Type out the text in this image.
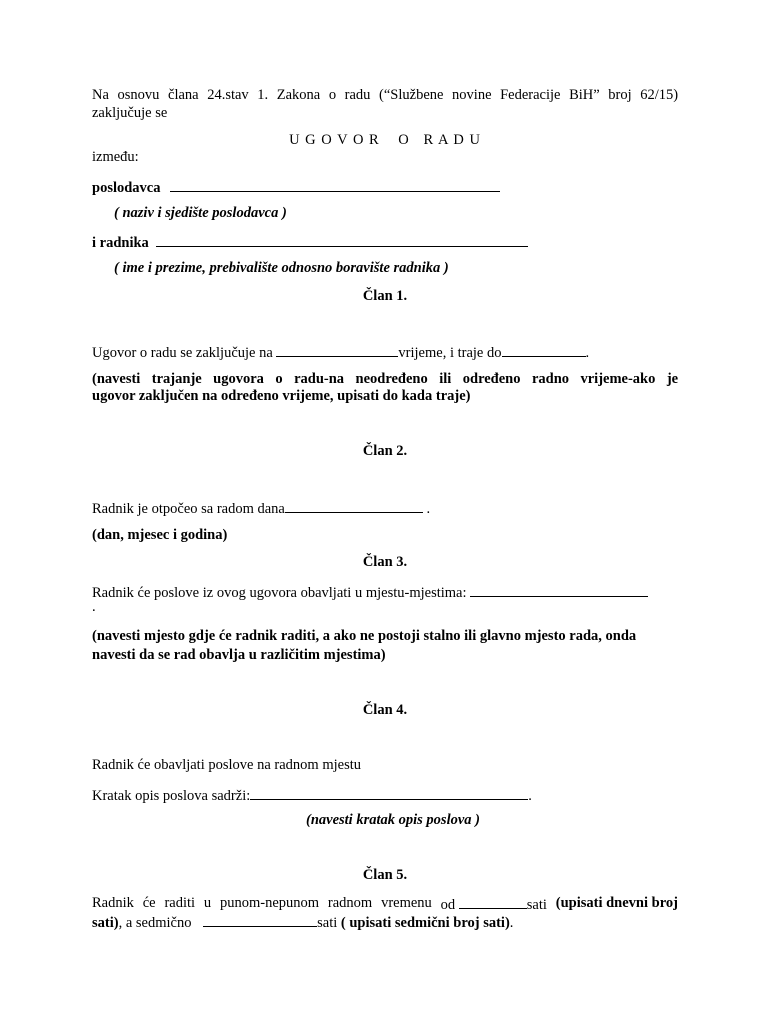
Na osnovu člana 24.stav 1. Zakona o radu (“Službene novine Federacije BiH” broj 62/15)
zaključuje se
U G O V O R    O   R A D U
između:
poslodavca
( naziv i sjedište poslodavca )
i radnika
( ime i prezime, prebivalište odnosno boravište radnika )
Član 1.
Ugovor o radu se zaključuje na	vrijeme, i traje do	.
(navesti trajanje ugovora o radu-na neodređeno ili određeno radno vrijeme-ako je
ugovor zaključen na određeno vrijeme, upisati do kada traje)
Član 2.
Radnik je otpočeo sa radom dana	.
(dan, mjesec i godina)
Član 3.
Radnik će poslove iz ovog ugovora obavljati u mjestu-mjestima:
.
(navesti mjesto gdje će radnik raditi, a ako ne postoji stalno ili glavno mjesto rada, onda
navesti da se rad obavlja u različitim mjestima)
Član 4.
Radnik će obavljati poslove na radnom mjestu
Kratak opis poslova sadrži:	.
(navesti kratak opis poslova )
Član 5.
Radnik će raditi u punom-nepunom radnom vremenu od	sati (upisati dnevni broj
sati), a sedmično	sati ( upisati sedmični broj sati).
